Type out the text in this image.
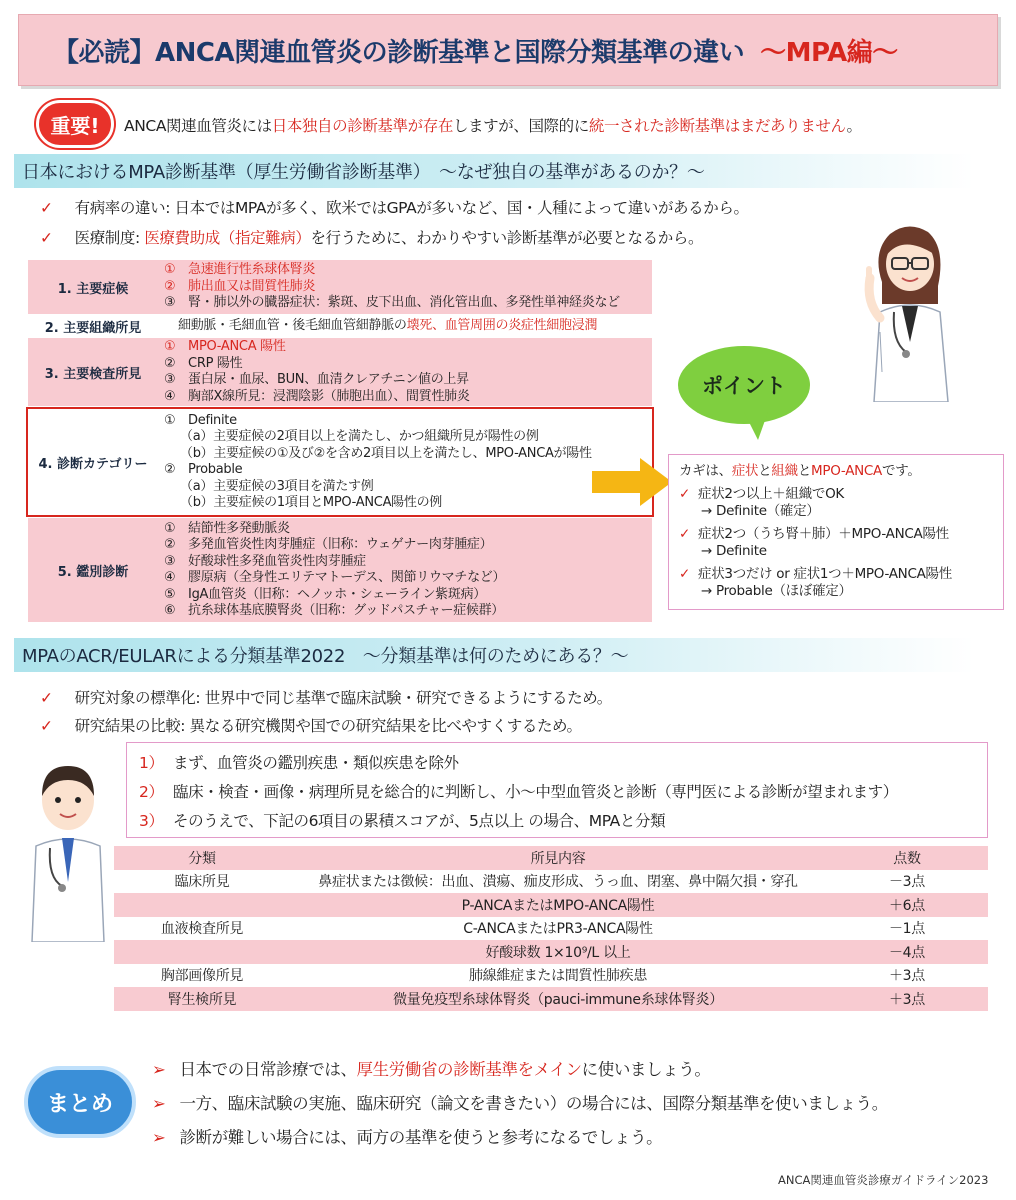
【必読】ANCA関連血管炎の診断基準と国際分類基準の違い ～MPA編～
重要!	ANCA関連血管炎には日本独自の診断基準が存在しますが、国際的に統一された診断基準はまだありません。
日本におけるMPA診断基準（厚生労働省診断基準）　～なぜ独自の基準があるのか？～
✓ 有病率の違い: 日本ではMPAが多く、欧米ではGPAが多いなど、国・人種によって違いがあるから。
✓ 医療制度: 医療費助成（指定難病）を行うために、わかりやすい診断基準が必要となるから。
1. 主要症候
①　急速進行性糸球体腎炎
②　肺出血又は間質性肺炎
③　腎・肺以外の臓器症状：紫斑、皮下出血、消化管出血、多発性単神経炎など
2. 主要組織所見	細動脈・毛細血管・後毛細血管細静脈の壊死、血管周囲の炎症性細胞浸潤
3. 主要検査所見
①　MPO-ANCA 陽性
②　CRP 陽性
③　蛋白尿・血尿、BUN、血清クレアチニン値の上昇
④　胸部X線所見：浸潤陰影（肺胞出血）、間質性肺炎
4. 診断カテゴリー
①　Definite
（a）主要症候の2項目以上を満たし、かつ組織所見が陽性の例
（b）主要症候の①及び②を含め2項目以上を満たし、MPO-ANCAが陽性
②　Probable
（a）主要症候の3項目を満たす例
（b）主要症候の1項目とMPO-ANCA陽性の例
5. 鑑別診断
①　結節性多発動脈炎
②　多発血管炎性肉芽腫症（旧称：ウェゲナー肉芽腫症）
③　好酸球性多発血管炎性肉芽腫症
④　膠原病（全身性エリテマトーデス、関節リウマチなど）
⑤　IgA血管炎（旧称：ヘノッホ・シェーライン紫斑病）
⑥　抗糸球体基底膜腎炎（旧称：グッドパスチャー症候群）
ポイント
カギは、症状と組織とMPO-ANCAです。
✓ 症状2つ以上＋組織でOK
→ Definite（確定）
✓ 症状2つ（うち腎＋肺）＋MPO-ANCA陽性
→ Definite
✓ 症状3つだけ or 症状1つ＋MPO-ANCA陽性
→ Probable（ほぼ確定）
MPAのACR/EULARによる分類基準2022　～分類基準は何のためにある？～
✓ 研究対象の標準化: 世界中で同じ基準で臨床試験・研究できるようにするため。
✓ 研究結果の比較: 異なる研究機関や国での研究結果を比べやすくするため。
1） まず、血管炎の鑑別疾患・類似疾患を除外
2） 臨床・検査・画像・病理所見を総合的に判断し、小～中型血管炎と診断（専門医による診断が望まれます）
3） そのうえで、下記の6項目の累積スコアが、5点以上 の場合、MPAと分類
分類	所見内容	点数
臨床所見	鼻症状または徴候：出血、潰瘍、痂皮形成、うっ血、閉塞、鼻中隔欠損・穿孔	－3点
	P-ANCAまたはMPO-ANCA陽性	＋6点
血液検査所見	C-ANCAまたはPR3-ANCA陽性	－1点
	好酸球数 1×10⁹/L 以上	－4点
胸部画像所見	肺線維症または間質性肺疾患	＋3点
腎生検所見	微量免疫型糸球体腎炎（pauci-immune糸球体腎炎）	＋3点
まとめ
➢ 日本での日常診療では、厚生労働省の診断基準をメインに使いましょう。
➢ 一方、臨床試験の実施、臨床研究（論文を書きたい）の場合には、国際分類基準を使いましょう。
➢ 診断が難しい場合には、両方の基準を使うと参考になるでしょう。
ANCA関連血管炎診療ガイドライン2023
